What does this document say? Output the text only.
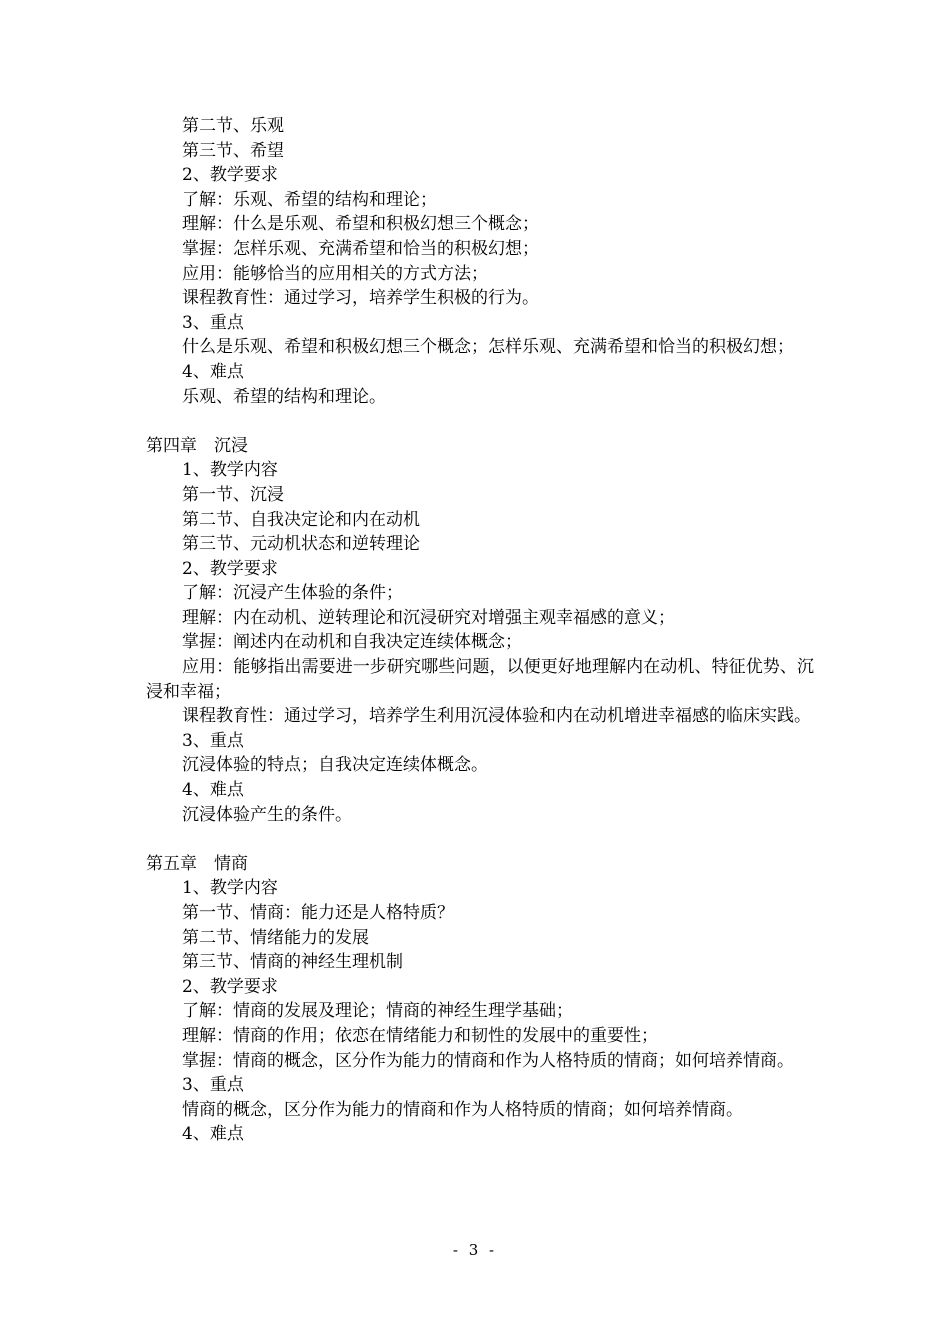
第二节、乐观
第三节、希望
2、教学要求
了解：乐观、希望的结构和理论；
理解：什么是乐观、希望和积极幻想三个概念；
掌握：怎样乐观、充满希望和恰当的积极幻想；
应用：能够恰当的应用相关的方式方法；
课程教育性：通过学习，培养学生积极的行为。
3、重点
什么是乐观、希望和积极幻想三个概念；怎样乐观、充满希望和恰当的积极幻想；
4、难点
乐观、希望的结构和理论。
第四章　沉浸
1、教学内容
第一节、沉浸
第二节、自我决定论和内在动机
第三节、元动机状态和逆转理论
2、教学要求
了解：沉浸产生体验的条件；
理解：内在动机、逆转理论和沉浸研究对增强主观幸福感的意义；
掌握：阐述内在动机和自我决定连续体概念；
应用：能够指出需要进一步研究哪些问题，以便更好地理解内在动机、特征优势、沉浸和幸福；
课程教育性：通过学习，培养学生利用沉浸体验和内在动机增进幸福感的临床实践。
3、重点
沉浸体验的特点；自我决定连续体概念。
4、难点
沉浸体验产生的条件。
第五章　情商
1、教学内容
第一节、情商：能力还是人格特质？
第二节、情绪能力的发展
第三节、情商的神经生理机制
2、教学要求
了解：情商的发展及理论；情商的神经生理学基础；
理解：情商的作用；依恋在情绪能力和韧性的发展中的重要性；
掌握：情商的概念，区分作为能力的情商和作为人格特质的情商；如何培养情商。
3、重点
情商的概念，区分作为能力的情商和作为人格特质的情商；如何培养情商。
4、难点
- 3 -
